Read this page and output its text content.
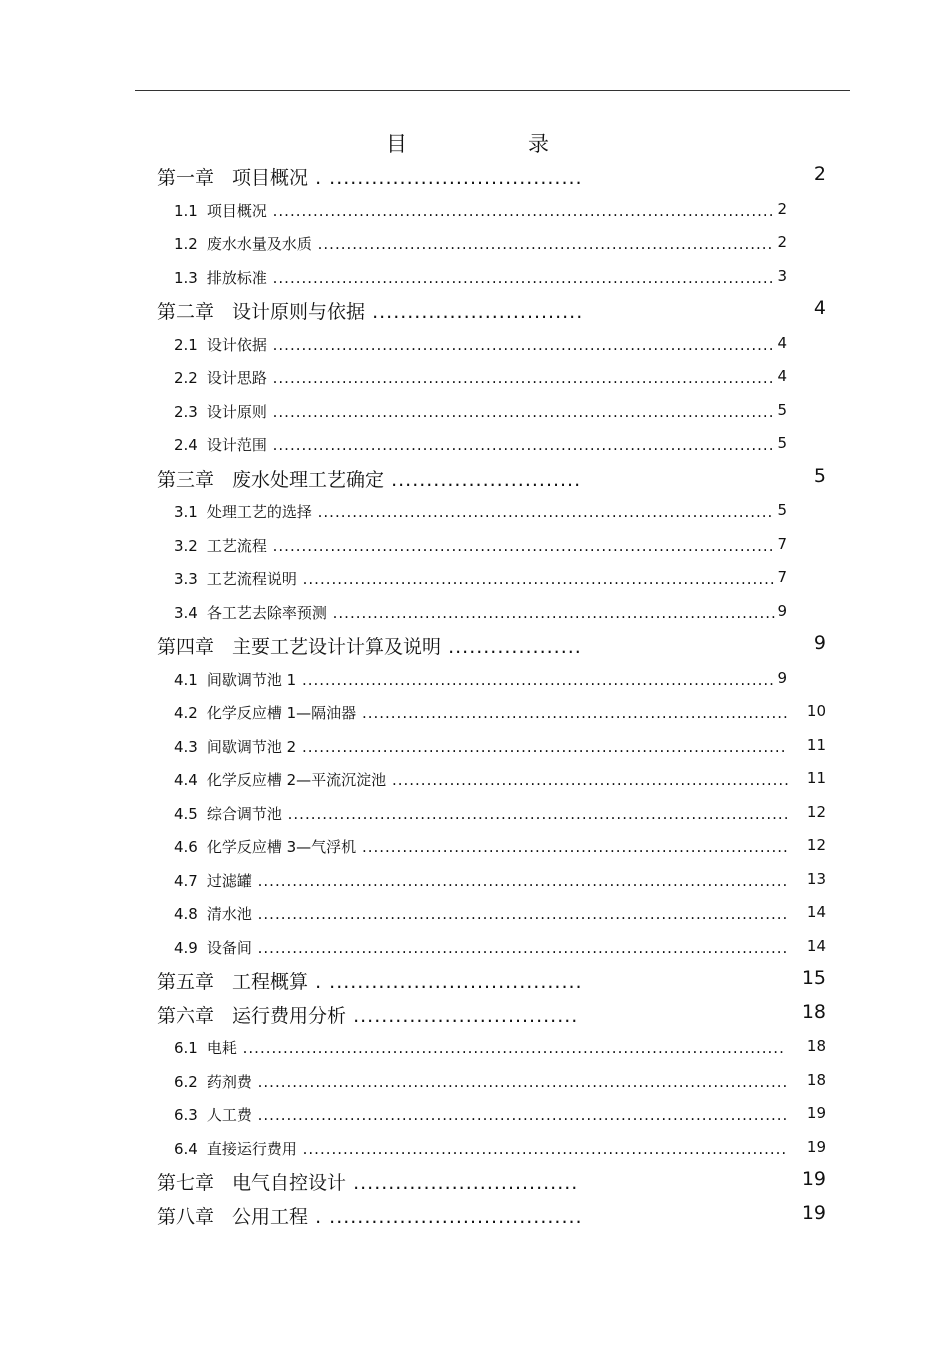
目　录
第一章 项目概况 . ....................................	2
1.1 项目概况 ....................................................................................... 2
1.2 废水水量及水质 ............................................................................... 2
1.3 排放标准 ....................................................................................... 3
第二章 设计原则与依据 ..............................	4
2.1 设计依据 ....................................................................................... 4
2.2 设计思路 ....................................................................................... 4
2.3 设计原则 ....................................................................................... 5
2.4 设计范围 ....................................................................................... 5
第三章 废水处理工艺确定 ...........................	5
3.1 处理工艺的选择 ............................................................................... 5
3.2 工艺流程 ....................................................................................... 7
3.3 工艺流程说明 .................................................................................. 7
3.4 各工艺去除率预测 ............................................................................. 9
第四章 主要工艺设计计算及说明 ...................	9
4.1 间歇调节池 1 .................................................................................. 9
4.2 化学反应槽 1—隔油器 .......................................................................... 10
4.3 间歇调节池 2 .................................................................................... 11
4.4 化学反应槽 2—平流沉淀池 ..................................................................... 11
4.5 综合调节池 ....................................................................................... 12
4.6 化学反应槽 3—气浮机 .......................................................................... 12
4.7 过滤罐 ............................................................................................ 13
4.8 清水池 ............................................................................................ 14
4.9 设备间 ............................................................................................ 14
第五章 工程概算 . ....................................	15
第六章 运行费用分析 ................................	18
6.1 电耗 .............................................................................................. 18
6.2 药剂费 ............................................................................................ 18
6.3 人工费 ............................................................................................ 19
6.4 直接运行费用 .................................................................................... 19
第七章 电气自控设计 ................................	19
第八章 公用工程 . ....................................	19
